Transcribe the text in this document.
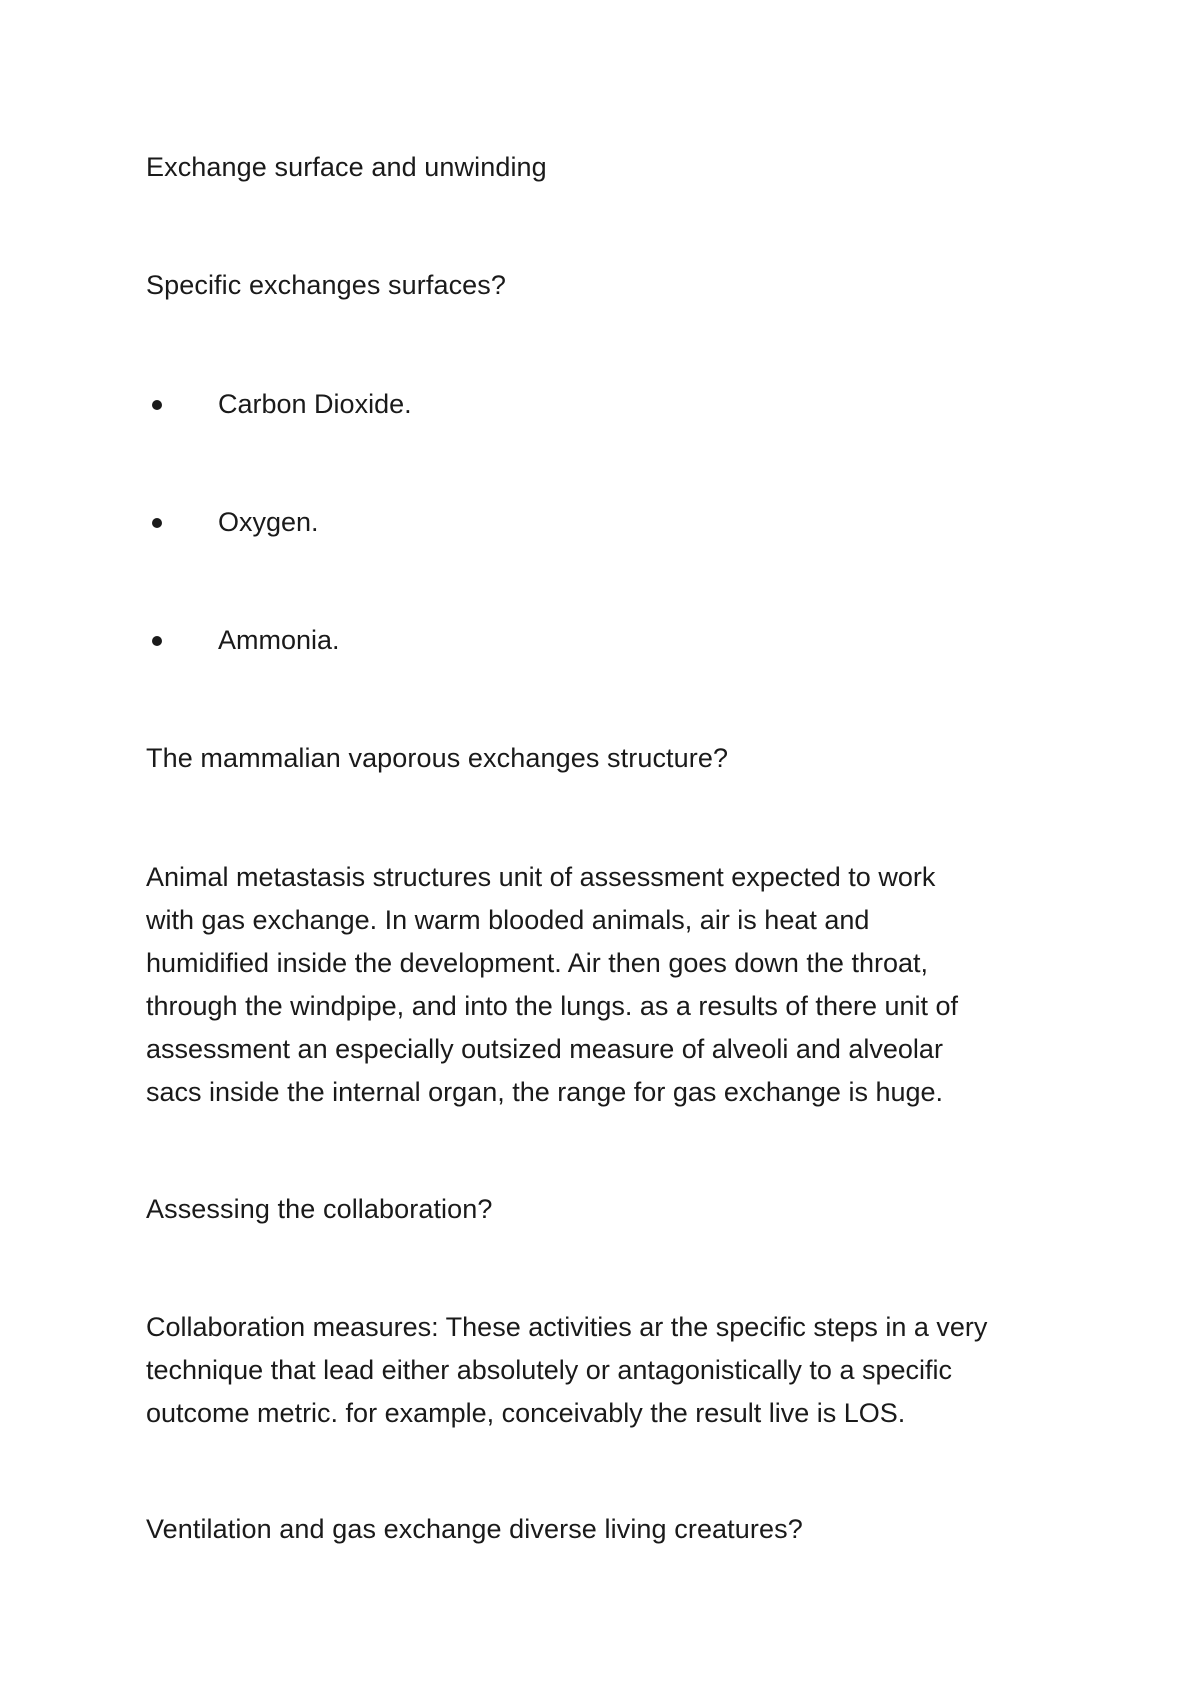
Exchange surface and unwinding
Specific exchanges surfaces?
Carbon Dioxide.
Oxygen.
Ammonia.
The mammalian vaporous exchanges structure?
Animal metastasis structures unit of assessment expected to work
with gas exchange. In warm blooded animals, air is heat and
humidified inside the development. Air then goes down the throat,
through the windpipe, and into the lungs. as a results of there unit of
assessment an especially outsized measure of alveoli and alveolar
sacs inside the internal organ, the range for gas exchange is huge.
Assessing the collaboration?
Collaboration measures: These activities ar the specific steps in a very
technique that lead either absolutely or antagonistically to a specific
outcome metric. for example, conceivably the result live is LOS.
Ventilation and gas exchange diverse living creatures?
